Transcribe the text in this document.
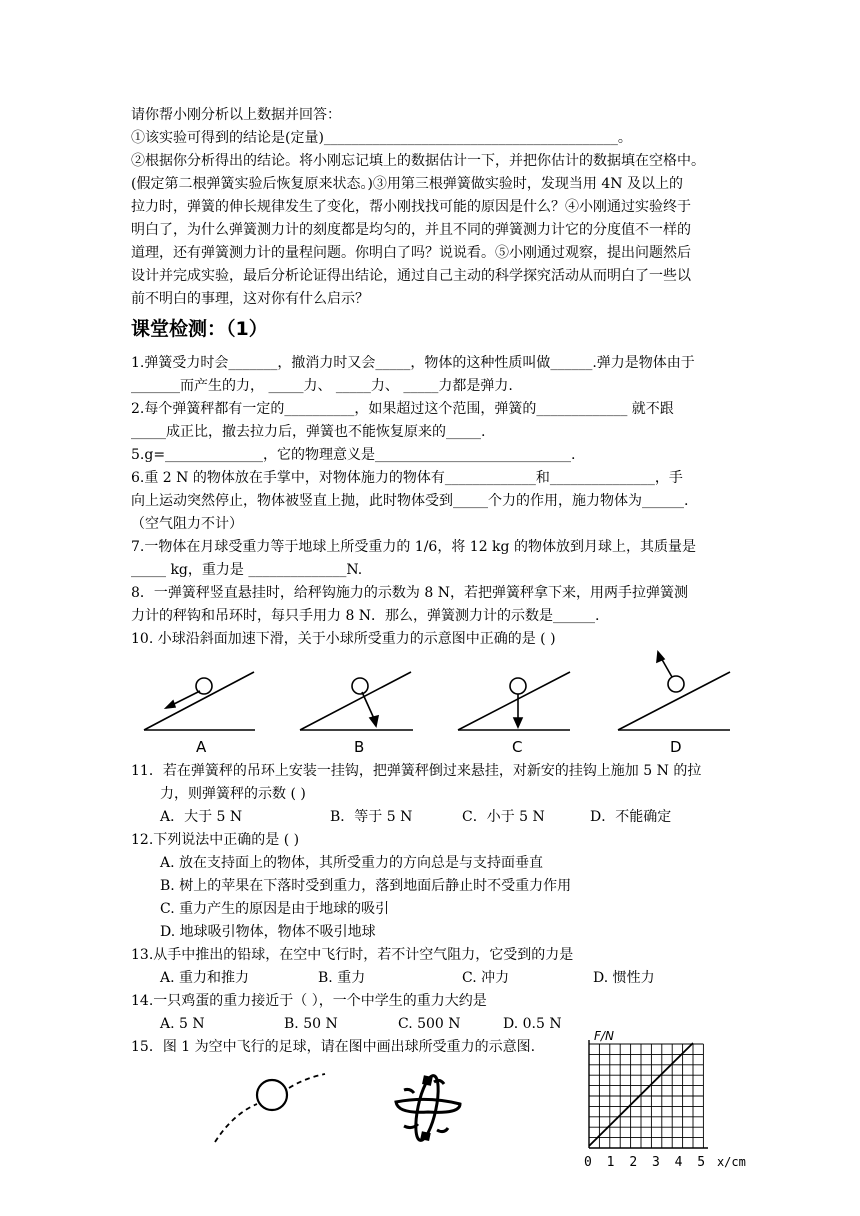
请你帮小刚分析以上数据并回答：
①该实验可得到的结论是(定量)__________________________________________。
②根据你分析得出的结论。将小刚忘记填上的数据估计一下，并把你估计的数据填在空格中。
(假定第二根弹簧实验后恢复原来状态。)③用第三根弹簧做实验时，发现当用 4N 及以上的
拉力时，弹簧的伸长规律发生了变化，帮小刚找找可能的原因是什么？④小刚通过实验终于
明白了，为什么弹簧测力计的刻度都是均匀的，并且不同的弹簧测力计它的分度值不一样的
道理，还有弹簧测力计的量程问题。你明白了吗？说说看。⑤小刚通过观察，提出问题然后
设计并完成实验，最后分析论证得出结论，通过自己主动的科学探究活动从而明白了一些以
前不明白的事理，这对你有什么启示？
课堂检测：（1）
1.弹簧受力时会_______，撤消力时又会_____，物体的这种性质叫做______.弹力是物体由于
_______而产生的力， _____力、 _____力、 _____力都是弹力.
2.每个弹簧秤都有一定的__________，如果超过这个范围，弹簧的_____________ 就不跟
_____成正比，撤去拉力后，弹簧也不能恢复原来的_____.
5.g=______________，它的物理意义是____________________________.
6.重 2 N 的物体放在手掌中，对物体施力的物体有_____________和_______________，手
向上运动突然停止，物体被竖直上抛，此时物体受到_____个力的作用，施力物体为______.
（空气阻力不计）
7.一物体在月球受重力等于地球上所受重力的 1/6，将 12 kg 的物体放到月球上，其质量是
_____ kg，重力是 ______________N.
8．一弹簧秤竖直悬挂时，给秤钩施力的示数为 8 N，若把弹簧秤拿下来，用两手拉弹簧测
力计的秤钩和吊环时，每只手用力 8 N．那么，弹簧测力计的示数是______.
10. 小球沿斜面加速下滑，关于小球所受重力的示意图中正确的是 ( )
A	B	C	D
11．若在弹簧秤的吊环上安装一挂钩，把弹簧秤倒过来悬挂，对新安的挂钩上施加 5 N 的拉
力，则弹簧秤的示数 ( )
A．大于 5 N	B．等于 5 N	C．小于 5 N	D．不能确定
12.下列说法中正确的是 ( )
A. 放在支持面上的物体，其所受重力的方向总是与支持面垂直
B. 树上的苹果在下落时受到重力，落到地面后静止时不受重力作用
C. 重力产生的原因是由于地球的吸引
D. 地球吸引物体，物体不吸引地球
13.从手中推出的铅球，在空中飞行时，若不计空气阻力，它受到的力是
A. 重力和推力	B. 重力	C. 冲力	D. 惯性力
14.一只鸡蛋的重力接近于（ ），一个中学生的重力大约是
A. 5 N	B. 50 N	C. 500 N	D. 0.5 N
15．图 1 为空中飞行的足球，请在图中画出球所受重力的示意图.
F/N
0 1 2 3 4 5 x/cm
